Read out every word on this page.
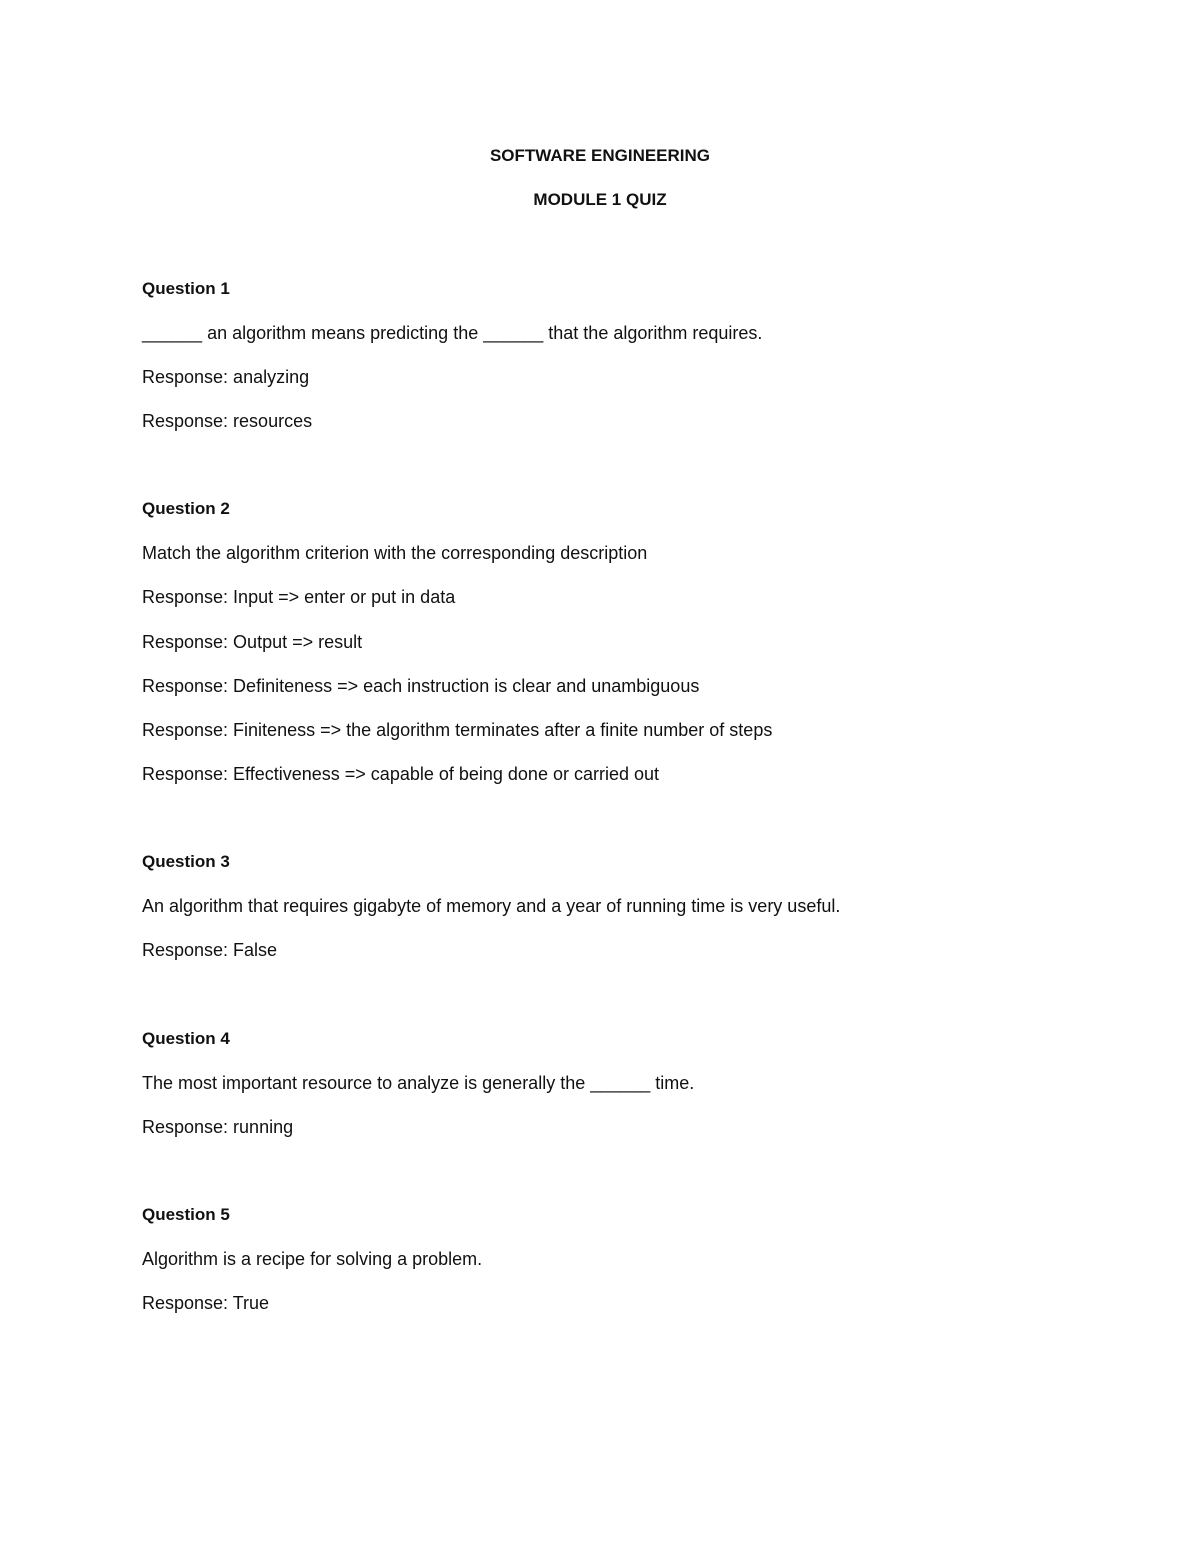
SOFTWARE ENGINEERING
MODULE 1 QUIZ
Question 1
______ an algorithm means predicting the ______ that the algorithm requires.
Response: analyzing
Response: resources
Question 2
Match the algorithm criterion with the corresponding description
Response: Input => enter or put in data
Response: Output => result
Response: Definiteness => each instruction is clear and unambiguous
Response: Finiteness => the algorithm terminates after a finite number of steps
Response: Effectiveness => capable of being done or carried out
Question 3
An algorithm that requires gigabyte of memory and a year of running time is very useful.
Response: False
Question 4
The most important resource to analyze is generally the ______ time.
Response: running
Question 5
Algorithm is a recipe for solving a problem.
Response: True
